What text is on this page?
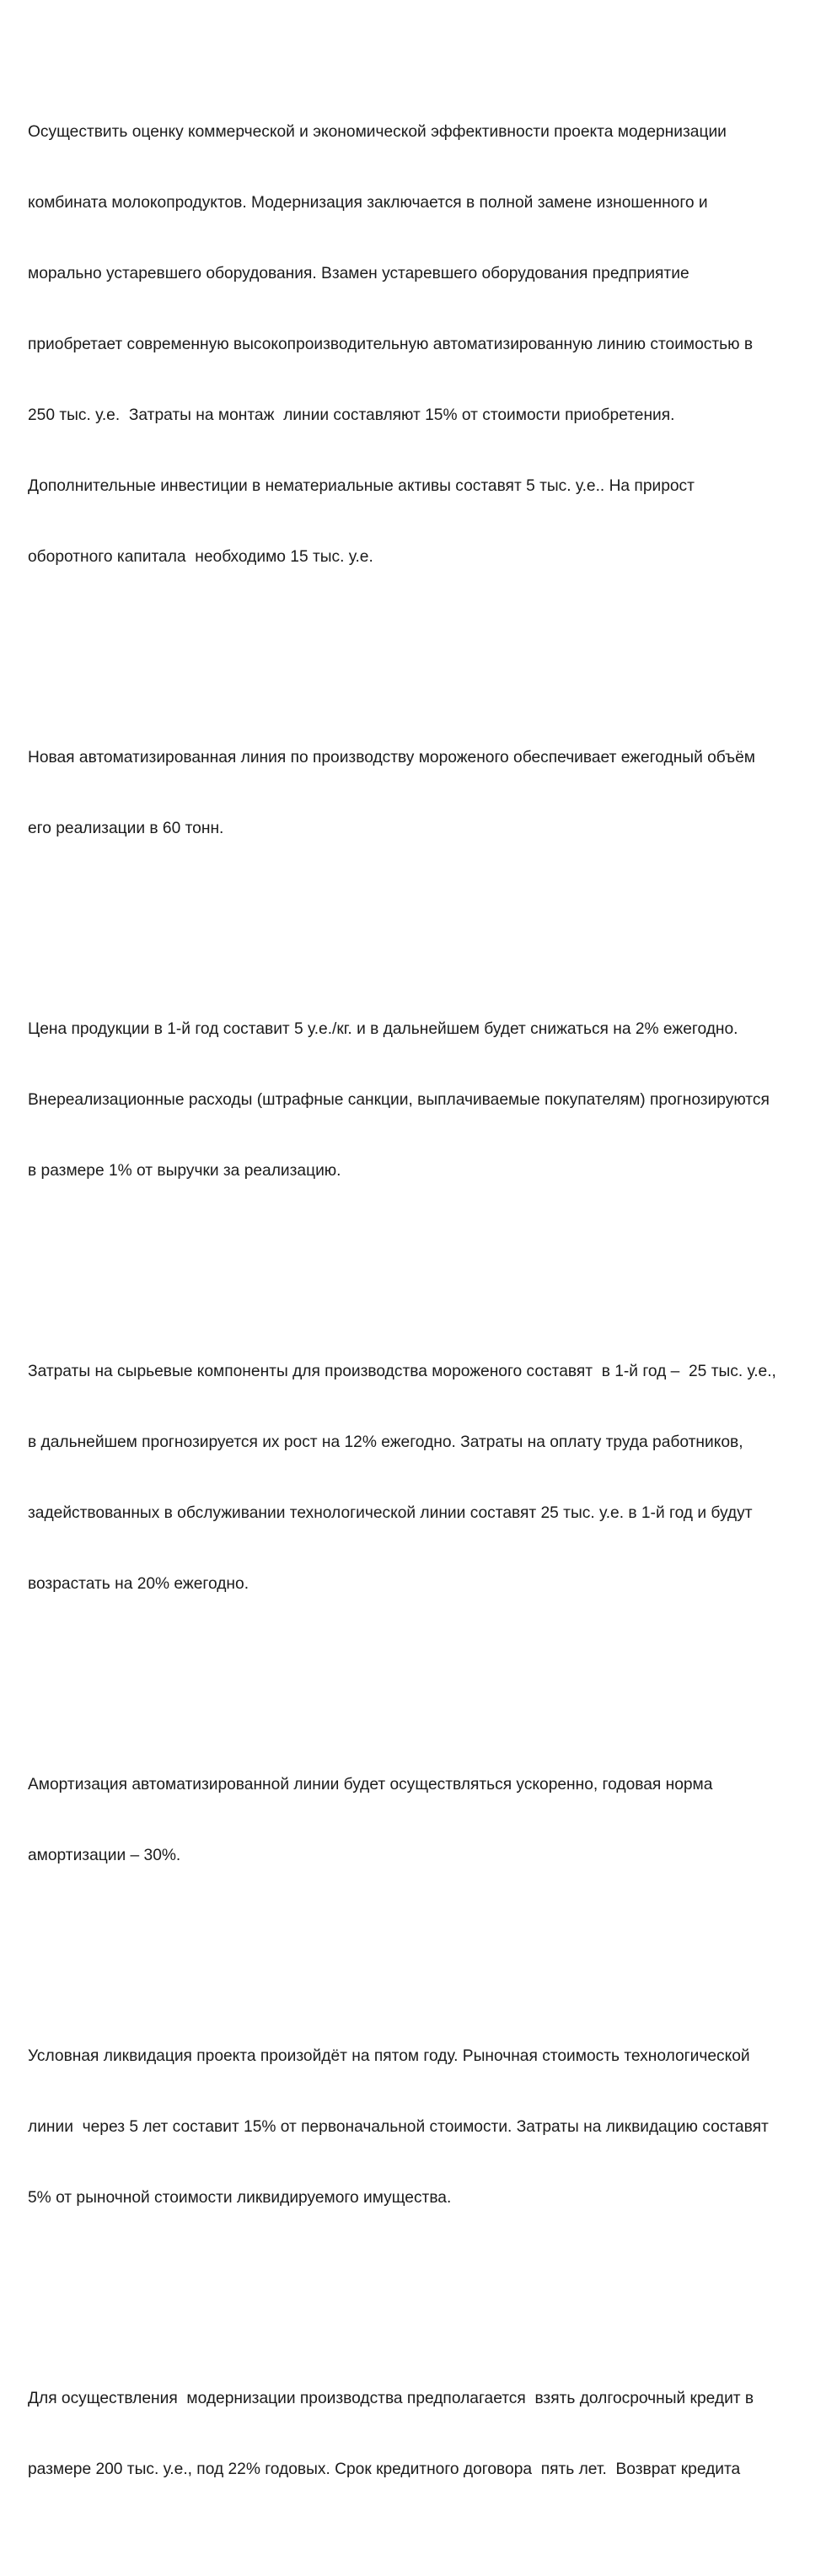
Осуществить оценку коммерческой и экономической эффективности проекта модернизации

комбината молокопродуктов. Модернизация заключается в полной замене изношенного и

морально устаревшего оборудования. Взамен устаревшего оборудования предприятие

приобретает современную высокопроизводительную автоматизированную линию стоимостью в

250 тыс. у.е.  Затраты на монтаж  линии составляют 15% от стоимости приобретения.

Дополнительные инвестиции в нематериальные активы составят 5 тыс. у.е.. На прирост

оборотного капитала  необходимо 15 тыс. у.е.

Новая автоматизированная линия по производству мороженого обеспечивает ежегодный объём

его реализации в 60 тонн.

Цена продукции в 1-й год составит 5 у.е./кг. и в дальнейшем будет снижаться на 2% ежегодно.

Внереализационные расходы (штрафные санкции, выплачиваемые покупателям) прогнозируются

в размере 1% от выручки за реализацию.

Затраты на сырьевые компоненты для производства мороженого составят  в 1-й год –  25 тыс. у.е.,

в дальнейшем прогнозируется их рост на 12% ежегодно. Затраты на оплату труда работников,

задействованных в обслуживании технологической линии составят 25 тыс. у.е. в 1-й год и будут

возрастать на 20% ежегодно.

Амортизация автоматизированной линии будет осуществляться ускоренно, годовая норма

амортизации – 30%.

Условная ликвидация проекта произойдёт на пятом году. Рыночная стоимость технологической

линии  через 5 лет составит 15% от первоначальной стоимости. Затраты на ликвидацию составят

5% от рыночной стоимости ликвидируемого имущества.

Для осуществления  модернизации производства предполагается  взять долгосрочный кредит в

размере 200 тыс. у.е., под 22% годовых. Срок кредитного договора  пять лет.  Возврат кредита
